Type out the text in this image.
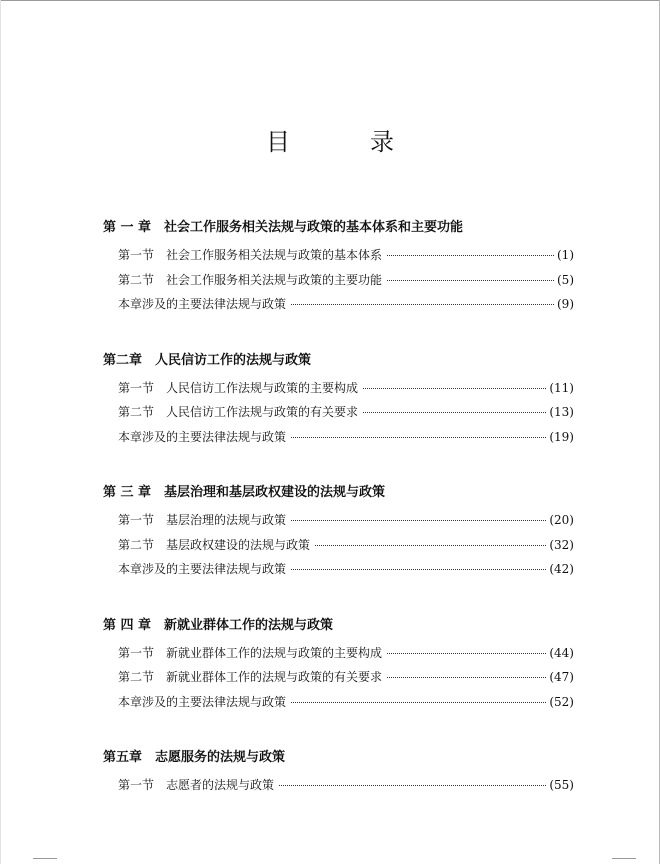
目　录
第 一 章　社会工作服务相关法规与政策的基本体系和主要功能
第一节　社会工作服务相关法规与政策的基本体系	(1)
第二节　社会工作服务相关法规与政策的主要功能	(5)
本章涉及的主要法律法规与政策	(9)
第二章　人民信访工作的法规与政策
第一节　人民信访工作法规与政策的主要构成	(11)
第二节　人民信访工作法规与政策的有关要求	(13)
本章涉及的主要法律法规与政策	(19)
第 三 章　基层治理和基层政权建设的法规与政策
第一节　基层治理的法规与政策	(20)
第二节　基层政权建设的法规与政策	(32)
本章涉及的主要法律法规与政策	(42)
第 四 章　新就业群体工作的法规与政策
第一节　新就业群体工作的法规与政策的主要构成	(44)
第二节　新就业群体工作的法规与政策的有关要求	(47)
本章涉及的主要法律法规与政策	(52)
第五章　志愿服务的法规与政策
第一节　志愿者的法规与政策	(55)
